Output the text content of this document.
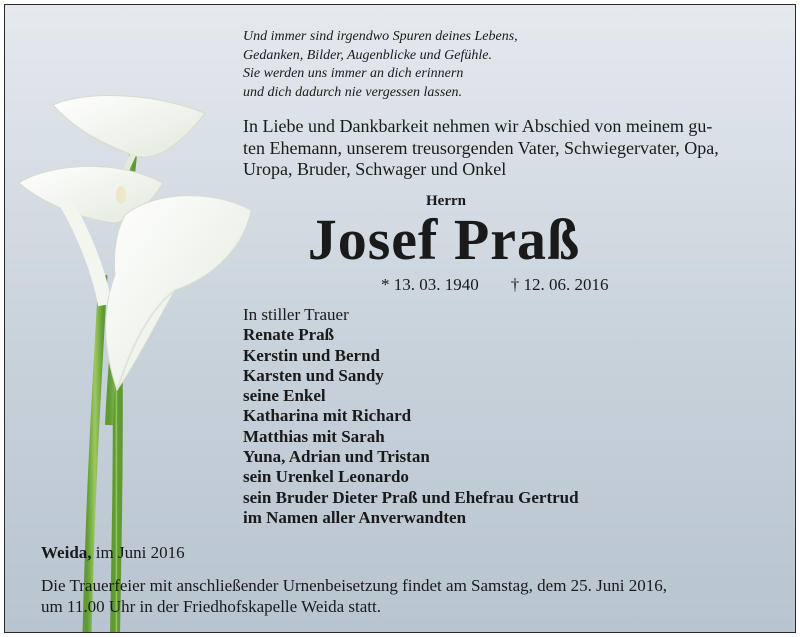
Und immer sind irgendwo Spuren deines Lebens,
Gedanken, Bilder, Augenblicke und Gefühle.
Sie werden uns immer an dich erinnern
und dich dadurch nie vergessen lassen.
In Liebe und Dankbarkeit nehmen wir Abschied von meinem gu-
ten Ehemann, unserem treusorgenden Vater, Schwiegervater, Opa,
Uropa, Bruder, Schwager und Onkel
Herrn
Josef Praß
* 13. 03. 1940 † 12. 06. 2016
In stiller Trauer
Renate Praß
Kerstin und Bernd
Karsten und Sandy
seine Enkel
Katharina mit Richard
Matthias mit Sarah
Yuna, Adrian und Tristan
sein Urenkel Leonardo
sein Bruder Dieter Praß und Ehefrau Gertrud
im Namen aller Anverwandten
Weida, im Juni 2016
Die Trauerfeier mit anschließender Urnenbeisetzung findet am Samstag, dem 25. Juni 2016,
um 11.00 Uhr in der Friedhofskapelle Weida statt.
